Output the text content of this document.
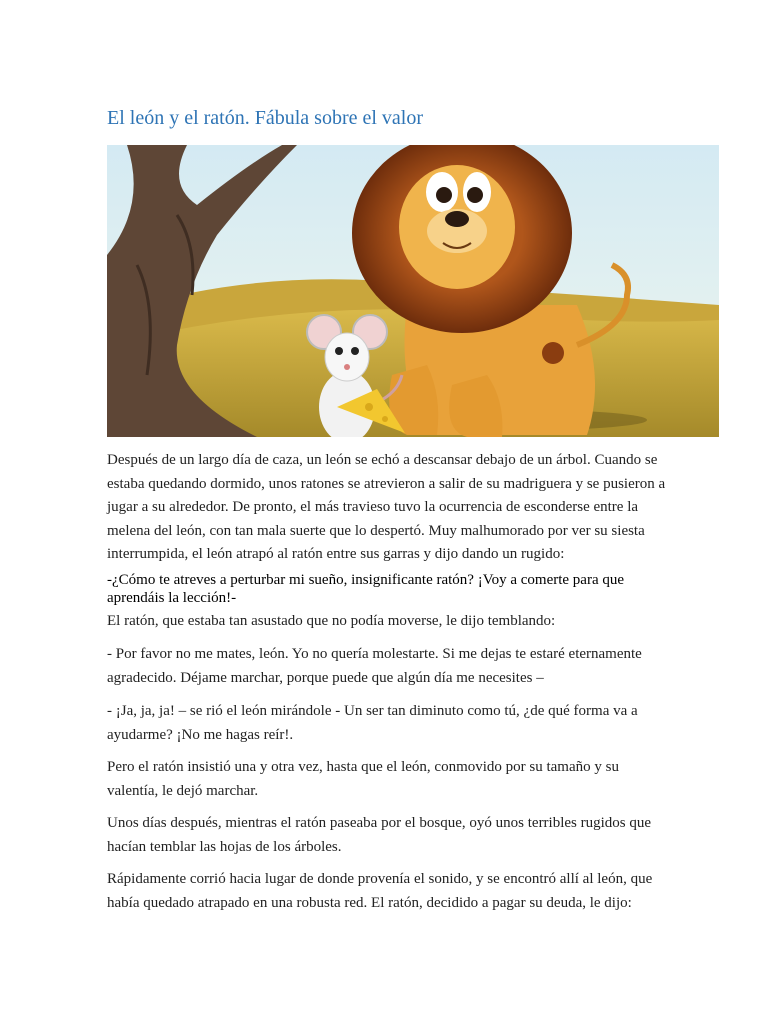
El león y el ratón. Fábula sobre el valor

Después de un largo día de caza, un león se echó a descansar debajo de un árbol. Cuando se estaba quedando dormido, unos ratones se atrevieron a salir de su madriguera y se pusieron a jugar a su alrededor. De pronto, el más travieso tuvo la ocurrencia de esconderse entre la melena del león, con tan mala suerte que lo despertó. Muy malhumorado por ver su siesta interrumpida, el león atrapó al ratón entre sus garras y dijo dando un rugido:

-¿Cómo te atreves a perturbar mi sueño, insignificante ratón? ¡Voy a comerte para que aprendáis la lección!-

El ratón, que estaba tan asustado que no podía moverse, le dijo temblando:

- Por favor no me mates, león. Yo no quería molestarte. Si me dejas te estaré eternamente agradecido. Déjame marchar, porque puede que algún día me necesites –

- ¡Ja, ja, ja! – se rió el león mirándole - Un ser tan diminuto como tú, ¿de qué forma va a ayudarme? ¡No me hagas reír!.

Pero el ratón insistió una y otra vez, hasta que el león, conmovido por su tamaño y su valentía, le dejó marchar.

Unos días después, mientras el ratón paseaba por el bosque, oyó unos terribles rugidos que hacían temblar las hojas de los árboles.

Rápidamente corrió hacia lugar de donde provenía el sonido, y se encontró allí al león, que había quedado atrapado en una robusta red. El ratón, decidido a pagar su deuda, le dijo:
